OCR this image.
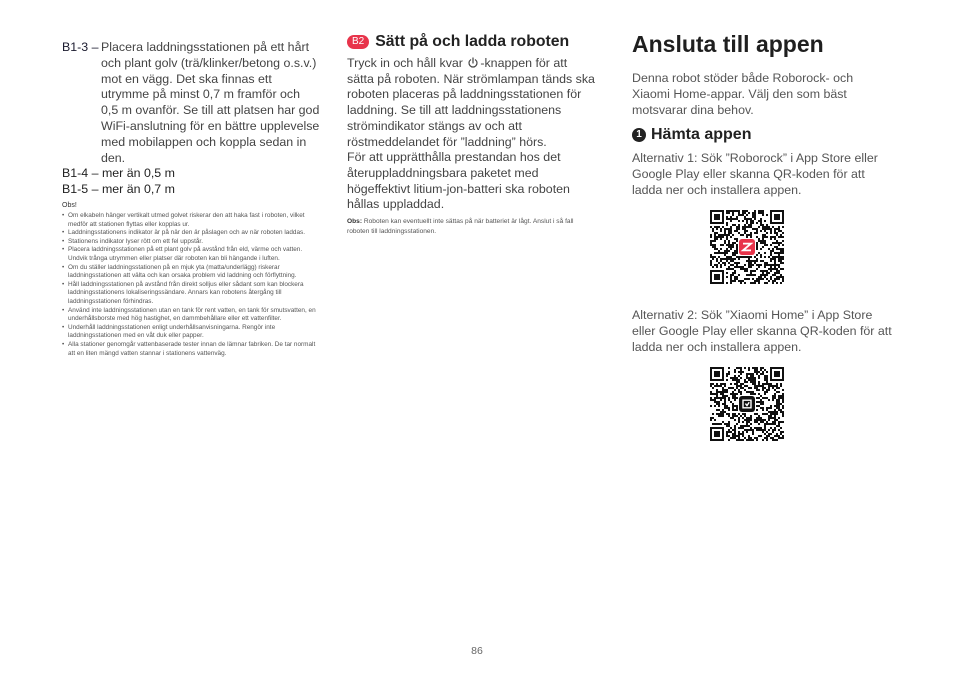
B1-3 – Placera laddningsstationen på ett hårt och plant golv (trä/klinker/betong o.s.v.) mot en vägg. Det ska finnas ett utrymme på minst 0,7 m framför och 0,5 m ovanför. Se till att platsen har god WiFi-anslutning för en bättre upplevelse med mobilappen och koppla sedan in den.
B1-4 – mer än 0,5 m
B1-5 – mer än 0,7 m
Obs!
• Om elkabeln hänger vertikalt utmed golvet riskerar den att haka fast i roboten, vilket medför att stationen flyttas eller kopplas ur.
• Laddningsstationens indikator är på när den är påslagen och av när roboten laddas.
• Stationens indikator lyser rött om ett fel uppstår.
• Placera laddningsstationen på ett plant golv på avstånd från eld, värme och vatten. Undvik trånga utrymmen eller platser där roboten kan bli hängande i luften.
• Om du ställer laddningsstationen på en mjuk yta (matta/underlägg) riskerar laddningsstationen att välta och kan orsaka problem vid laddning och förflyttning.
• Håll laddningsstationen på avstånd från direkt solljus eller sådant som kan blockera laddningsstationens lokaliseringssändare. Annars kan robotens återgång till laddningsstationen förhindras.
• Använd inte laddningsstationen utan en tank för rent vatten, en tank för smutsvatten, en underhållsborste med hög hastighet, en dammbehållare eller ett vattenfilter.
• Underhåll laddningsstationen enligt underhållsanvisningarna. Rengör inte laddningsstationen med en våt duk eller papper.
• Alla stationer genomgår vattenbaserade tester innan de lämnar fabriken. De tar normalt att en liten mängd vatten stannar i stationens vattenväg.
B2 Sätt på och ladda roboten

Tryck in och håll kvar -knappen för att sätta på roboten. När strömlampan tänds ska roboten placeras på laddningsstationen för laddning. Se till att laddningsstationens strömindikator stängs av och att röstmeddelandet för ”laddning” hörs.

För att upprätthålla prestandan hos det återuppladdningsbara paketet med högeffektivt litium-jon-batteri ska roboten hållas uppladdad.

Obs: Roboten kan eventuellt inte sättas på när batteriet är lågt. Anslut i så fall roboten till laddningsstationen.
Ansluta till appen
Denna robot stöder både Roborock- och Xiaomi Home-appar. Välj den som bäst motsvarar dina behov.
1 Hämta appen
Alternativ 1: Sök ”Roborock” i App Store eller Google Play eller skanna QR-koden för att ladda ner och installera appen.
Alternativ 2: Sök ”Xiaomi Home” i App Store eller Google Play eller skanna QR-koden för att ladda ner och installera appen.
86
